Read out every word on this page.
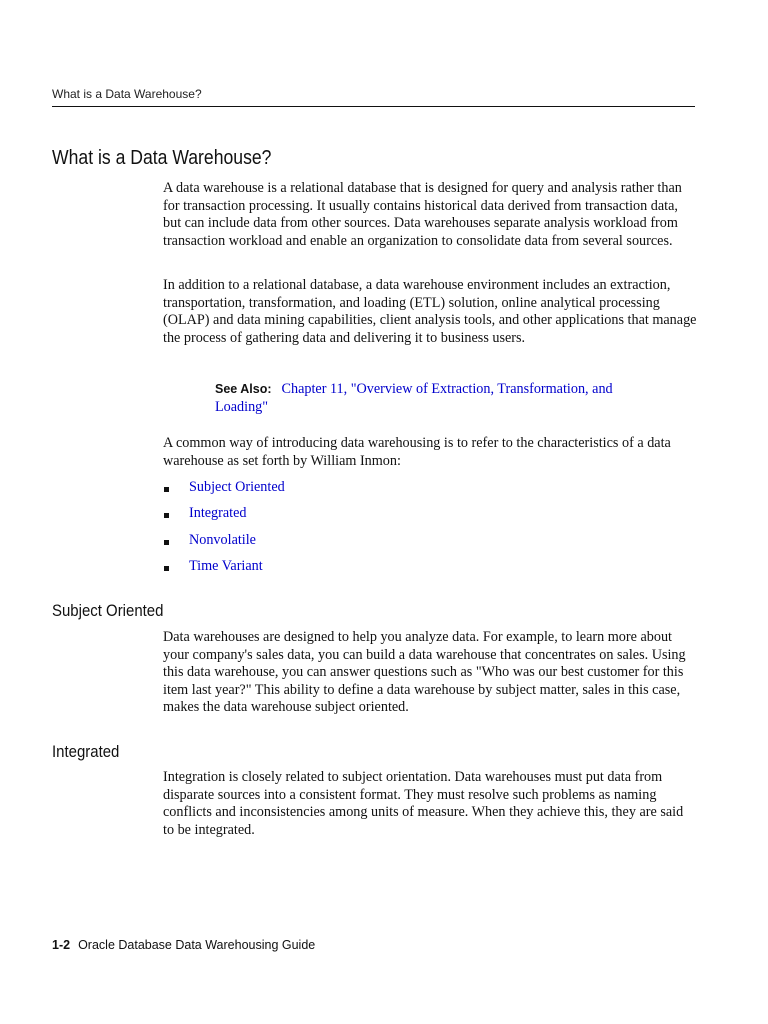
What is a Data Warehouse?
What is a Data Warehouse?

A data warehouse is a relational database that is designed for query and analysis rather than for transaction processing. It usually contains historical data derived from transaction data, but can include data from other sources. Data warehouses separate analysis workload from transaction workload and enable an organization to consolidate data from several sources.

In addition to a relational database, a data warehouse environment includes an extraction, transportation, transformation, and loading (ETL) solution, online analytical processing (OLAP) and data mining capabilities, client analysis tools, and other applications that manage the process of gathering data and delivering it to business users.

See Also: Chapter 11, "Overview of Extraction, Transformation, and Loading"

A common way of introducing data warehousing is to refer to the characteristics of a data warehouse as set forth by William Inmon:

Subject Oriented
Integrated
Nonvolatile
Time Variant
Subject Oriented

Data warehouses are designed to help you analyze data. For example, to learn more about your company's sales data, you can build a data warehouse that concentrates on sales. Using this data warehouse, you can answer questions such as "Who was our best customer for this item last year?" This ability to define a data warehouse by subject matter, sales in this case, makes the data warehouse subject oriented.

Integrated

Integration is closely related to subject orientation. Data warehouses must put data from disparate sources into a consistent format. They must resolve such problems as naming conflicts and inconsistencies among units of measure. When they achieve this, they are said to be integrated.

1-2 Oracle Database Data Warehousing Guide
